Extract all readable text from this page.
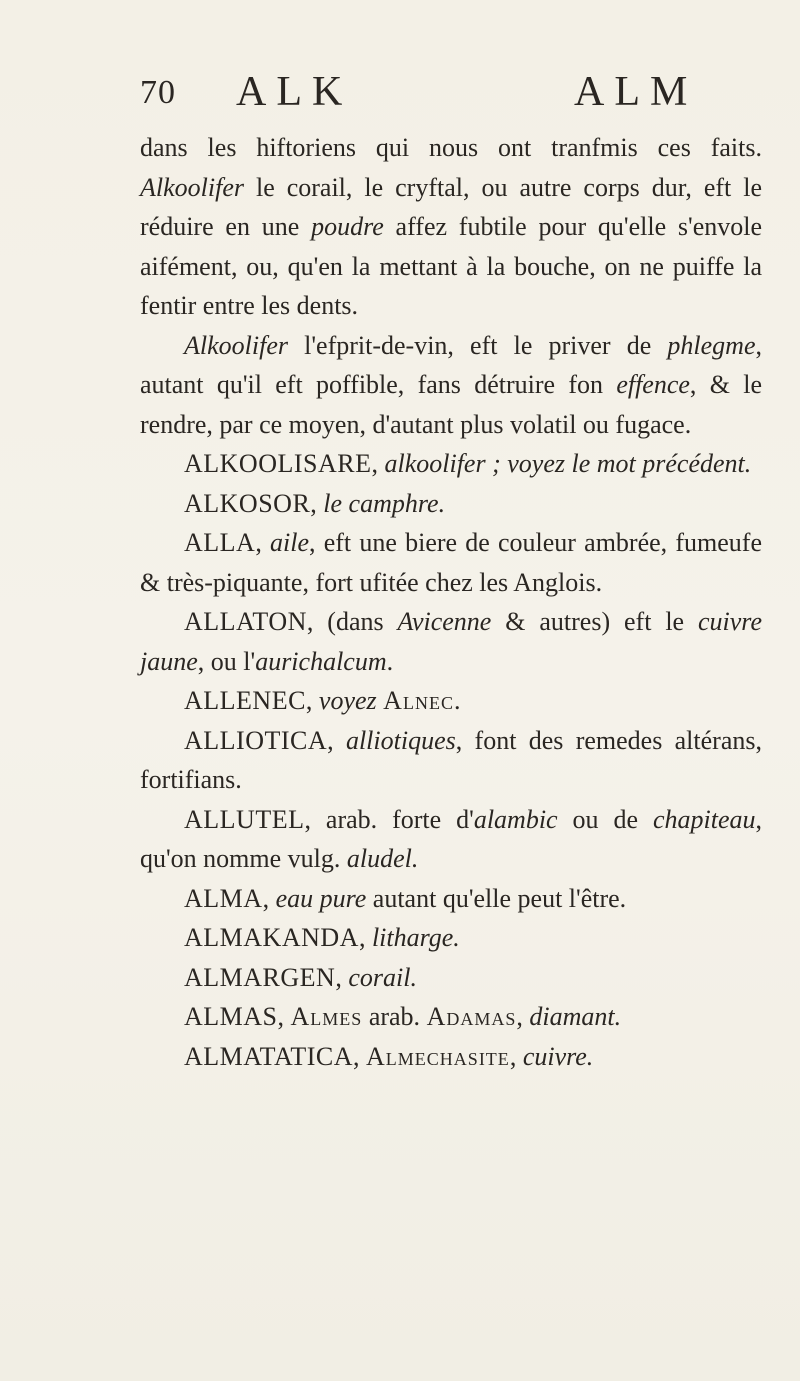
70 ALK	ALM

dans les hiftoriens qui nous ont tranfmis ces faits. Alkoolifer le corail, le cryftal, ou autre corps dur, eft le réduire en une poudre affez fubtile pour qu'elle s'envole aifément, ou, qu'en la mettant à la bouche, on ne puiffe la fentir entre les dents.

Alkoolifer l'efprit-de-vin, eft le priver de phlegme, autant qu'il eft poffible, fans détruire fon effence, & le rendre, par ce moyen, d'autant plus volatil ou fugace.

ALKOOLISARE, alkoolifer ; voyez le mot précédent.

ALKOSOR, le camphre.

ALLA, aile, eft une biere de couleur ambrée, fumeufe & très-piquante, fort ufitée chez les Anglois.

ALLATON, (dans Avicenne & autres) eft le cuivre jaune, ou l'aurichalcum.

ALLENEC, voyez Alnec.

ALLIOTICA, alliotiques, font des remedes altérans, fortifians.

ALLUTEL, arab. forte d'alambic ou de chapiteau, qu'on nomme vulg. aludel.

ALMA, eau pure autant qu'elle peut l'être.

ALMAKANDA, litharge.

ALMARGEN, corail.

ALMAS, Almes arab. Adamas, diamant.

ALMATATICA, Almechasite, cuivre.
